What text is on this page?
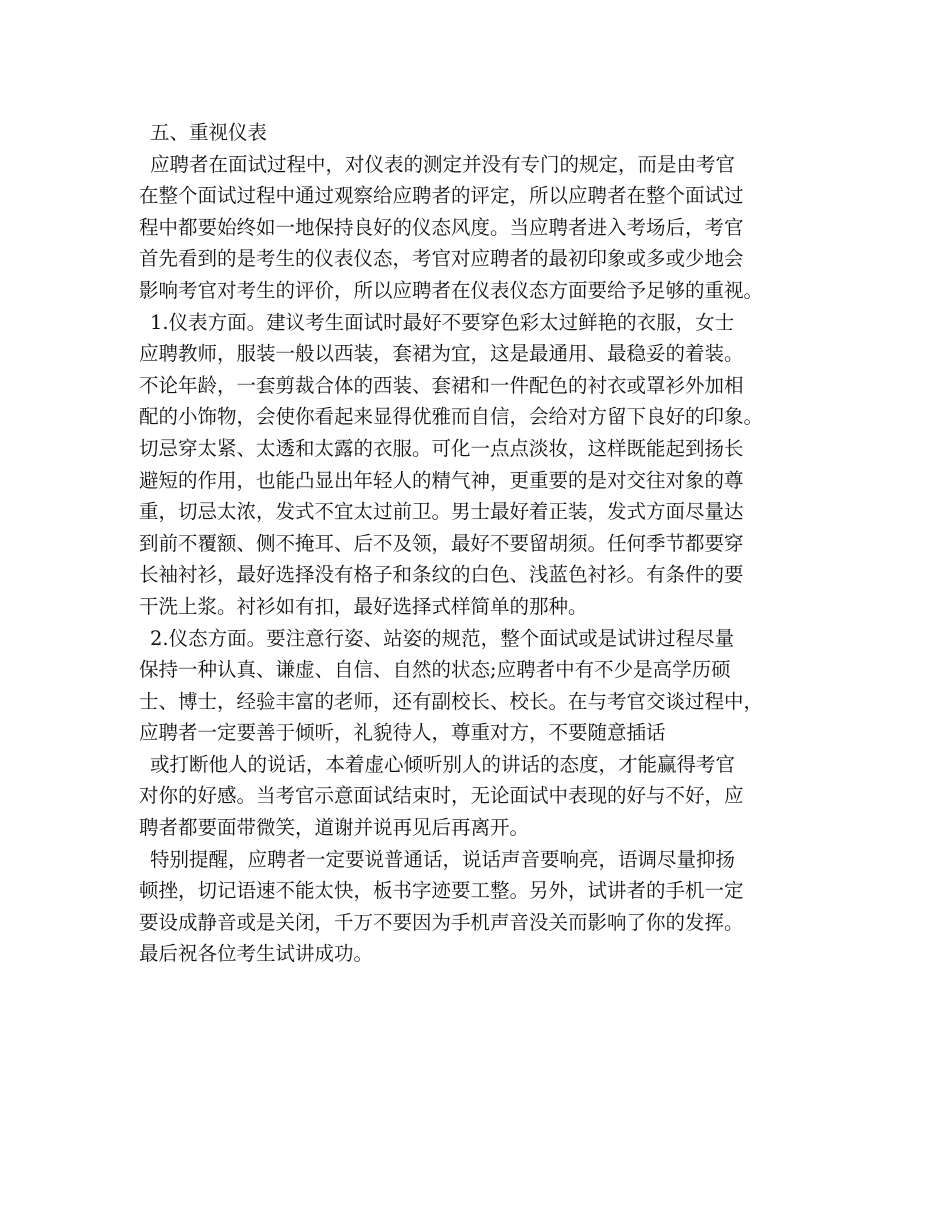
五、重视仪表
应聘者在面试过程中，对仪表的测定并没有专门的规定，而是由考官
在整个面试过程中通过观察给应聘者的评定，所以应聘者在整个面试过
程中都要始终如一地保持良好的仪态风度。当应聘者进入考场后，考官
首先看到的是考生的仪表仪态，考官对应聘者的最初印象或多或少地会
影响考官对考生的评价，所以应聘者在仪表仪态方面要给予足够的重视。
1.仪表方面。建议考生面试时最好不要穿色彩太过鲜艳的衣服，女士
应聘教师，服装一般以西装，套裙为宜，这是最通用、最稳妥的着装。
不论年龄，一套剪裁合体的西装、套裙和一件配色的衬衣或罩衫外加相
配的小饰物，会使你看起来显得优雅而自信，会给对方留下良好的印象。
切忌穿太紧、太透和太露的衣服。可化一点点淡妆，这样既能起到扬长
避短的作用，也能凸显出年轻人的精气神，更重要的是对交往对象的尊
重，切忌太浓，发式不宜太过前卫。男士最好着正装，发式方面尽量达
到前不覆额、侧不掩耳、后不及领，最好不要留胡须。任何季节都要穿
长袖衬衫，最好选择没有格子和条纹的白色、浅蓝色衬衫。有条件的要
干洗上浆。衬衫如有扣，最好选择式样简单的那种。
2.仪态方面。要注意行姿、站姿的规范，整个面试或是试讲过程尽量
保持一种认真、谦虚、自信、自然的状态;应聘者中有不少是高学历硕
士、博士，经验丰富的老师，还有副校长、校长。在与考官交谈过程中，
应聘者一定要善于倾听，礼貌待人，尊重对方，不要随意插话
或打断他人的说话，本着虚心倾听别人的讲话的态度，才能赢得考官
对你的好感。当考官示意面试结束时，无论面试中表现的好与不好，应
聘者都要面带微笑，道谢并说再见后再离开。
特别提醒，应聘者一定要说普通话，说话声音要响亮，语调尽量抑扬
顿挫，切记语速不能太快，板书字迹要工整。另外，试讲者的手机一定
要设成静音或是关闭，千万不要因为手机声音没关而影响了你的发挥。
最后祝各位考生试讲成功。
